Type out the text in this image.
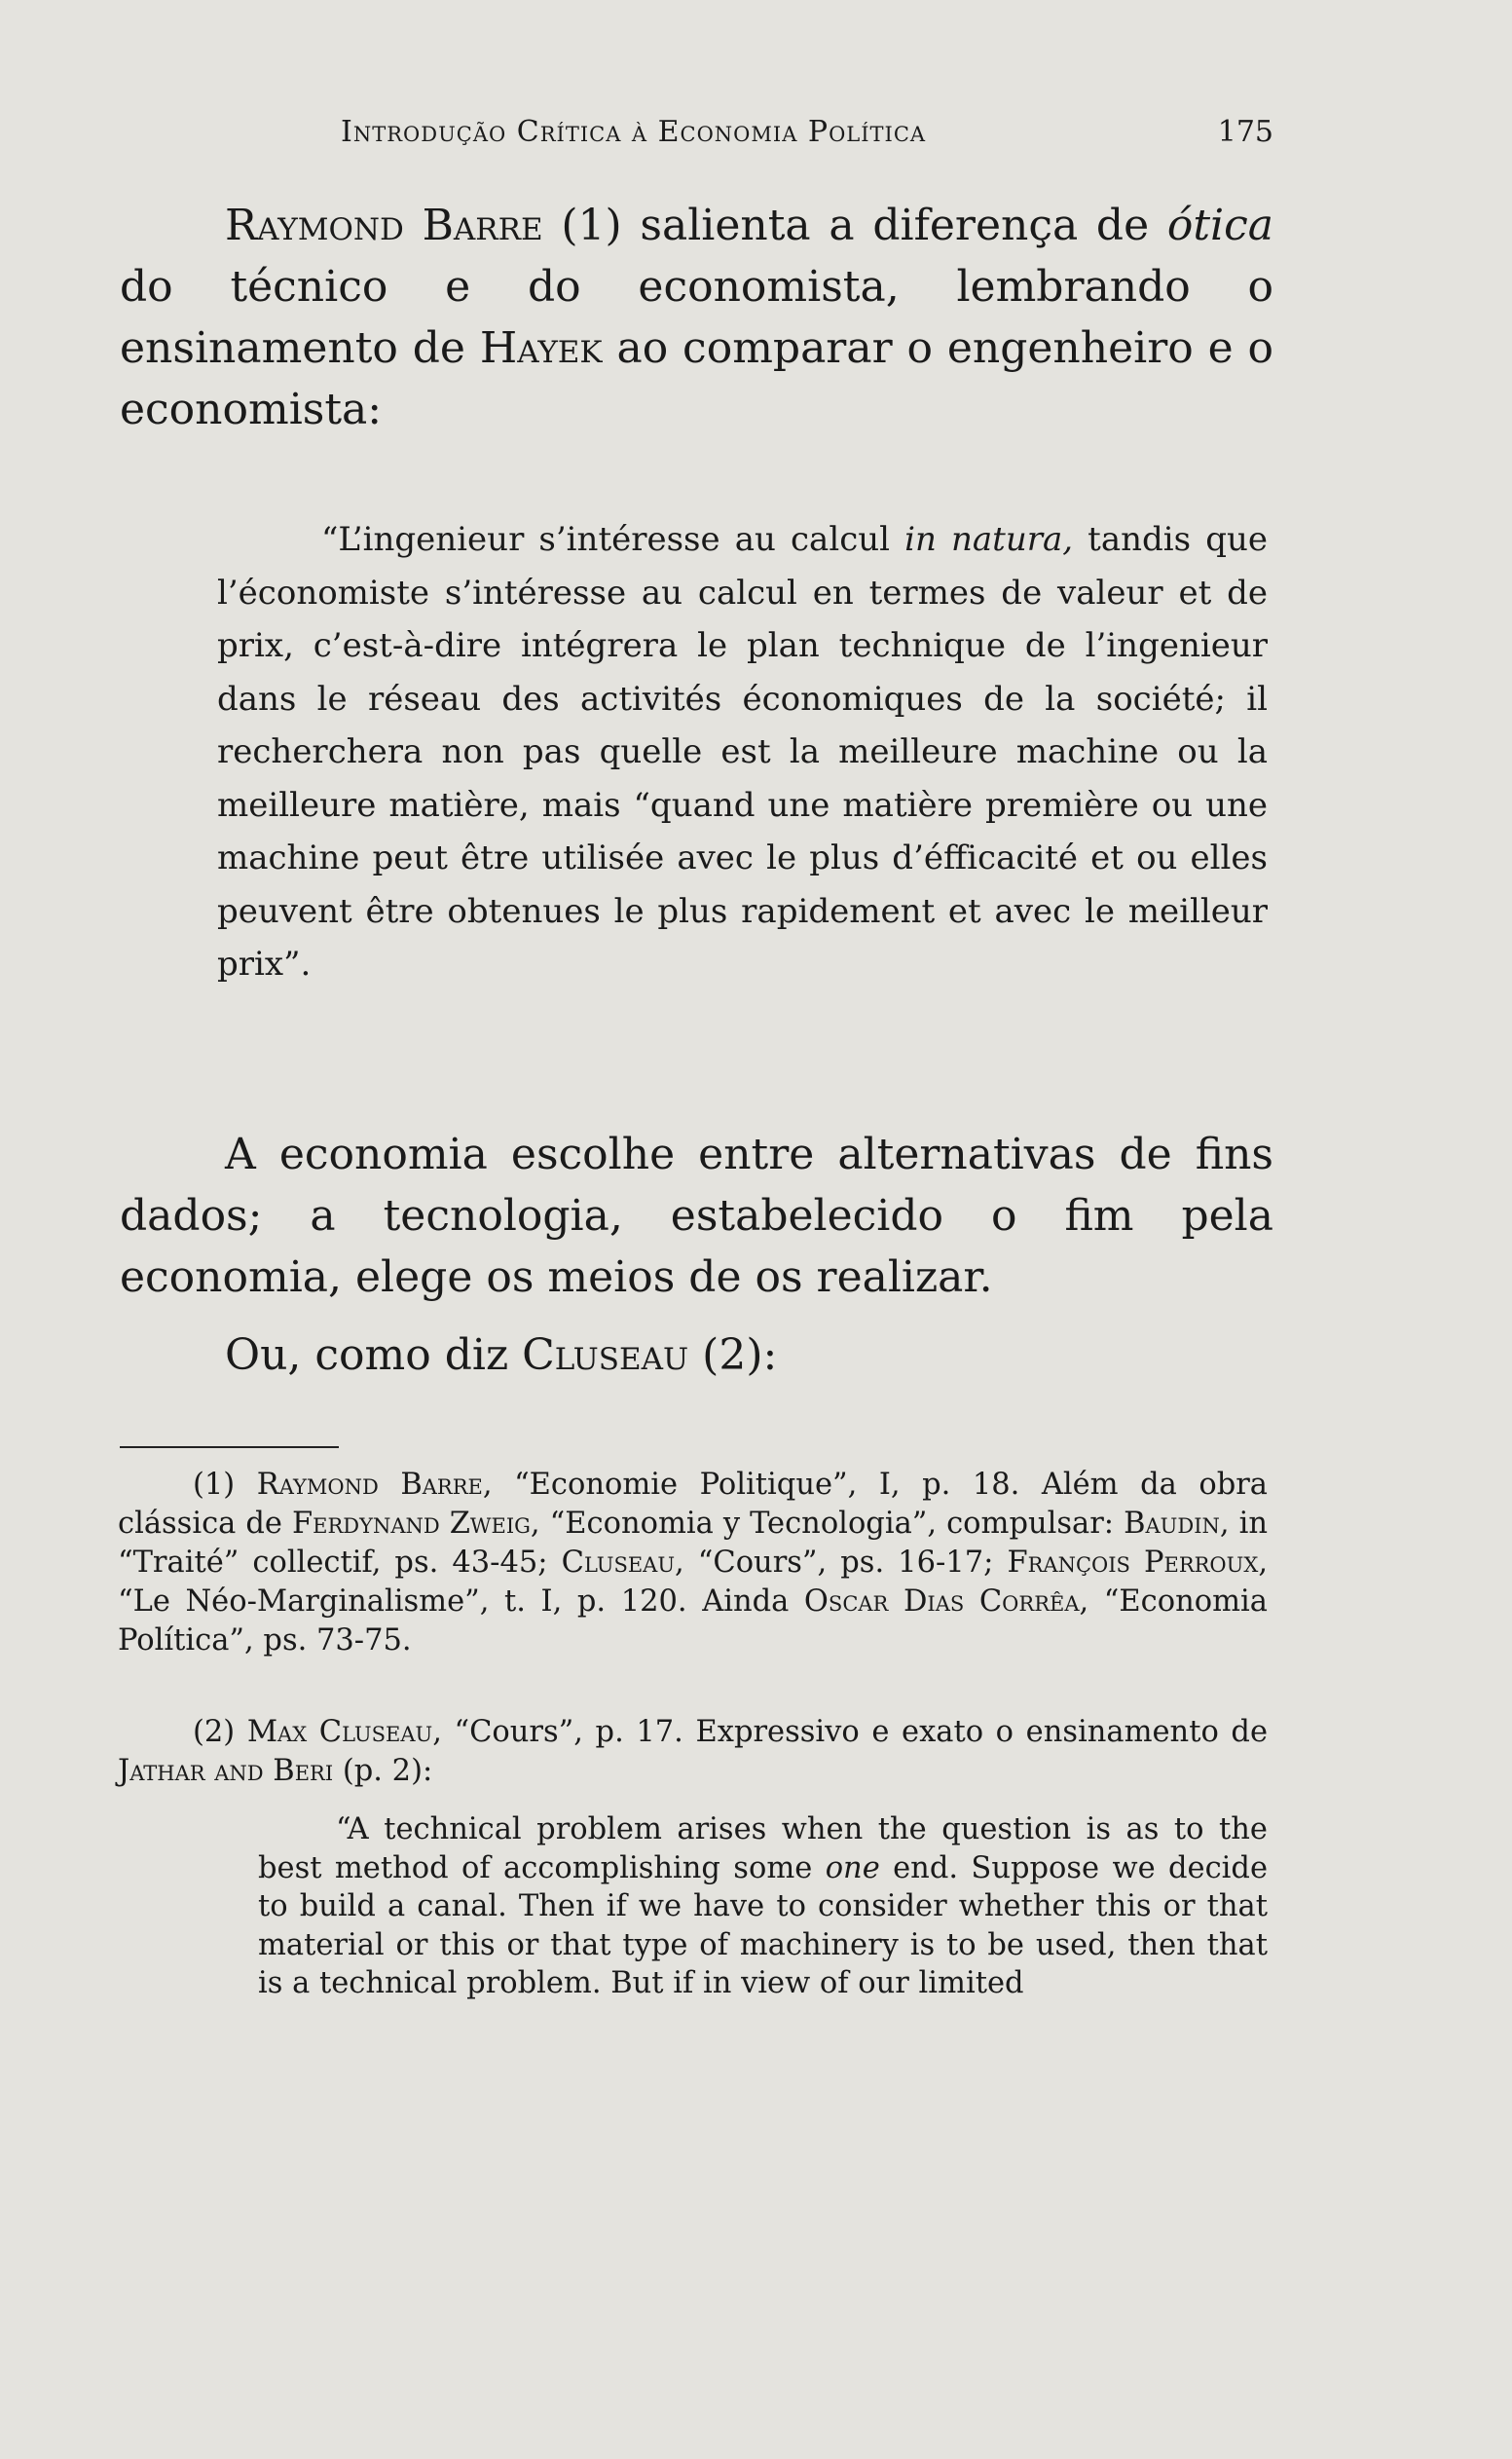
Introdução Crítica à Economia Política	175

Raymond Barre (1) salienta a diferença de ótica do técnico e do economista, lembrando o ensinamento de Hayek ao comparar o engenheiro e o economista:

“L’ingenieur s’intéresse au calcul in natura, tandis que l’économiste s’intéresse au calcul en termes de valeur et de prix, c’est-à-dire intégrera le plan technique de l’ingenieur dans le réseau des activités économiques de la société; il recherchera non pas quelle est la meilleure machine ou la meilleure matière, mais “quand une matière première ou une machine peut être utilisée avec le plus d’éfficacité et ou elles peuvent être obtenues le plus rapidement et avec le meilleur prix”.

A economia escolhe entre alternativas de fins dados; a tecnologia, estabelecido o fim pela economia, elege os meios de os realizar.

Ou, como diz Cluseau (2):

(1) Raymond Barre, “Economie Politique”, I, p. 18. Além da obra clássica de Ferdynand Zweig, “Economia y Tecnologia”, compulsar: Baudin, in “Traité” collectif, ps. 43-45; Cluseau, “Cours”, ps. 16-17; François Perroux, “Le Néo-Marginalisme”, t. I, p. 120. Ainda Oscar Dias Corrêa, “Economia Política”, ps. 73-75.

(2) Max Cluseau, “Cours”, p. 17. Expressivo e exato o ensinamento de Jathar and Beri (p. 2):

“A technical problem arises when the question is as to the best method of accomplishing some one end. Suppose we decide to build a canal. Then if we have to consider whether this or that material or this or that type of machinery is to be used, then that is a technical problem. But if in view of our limited
